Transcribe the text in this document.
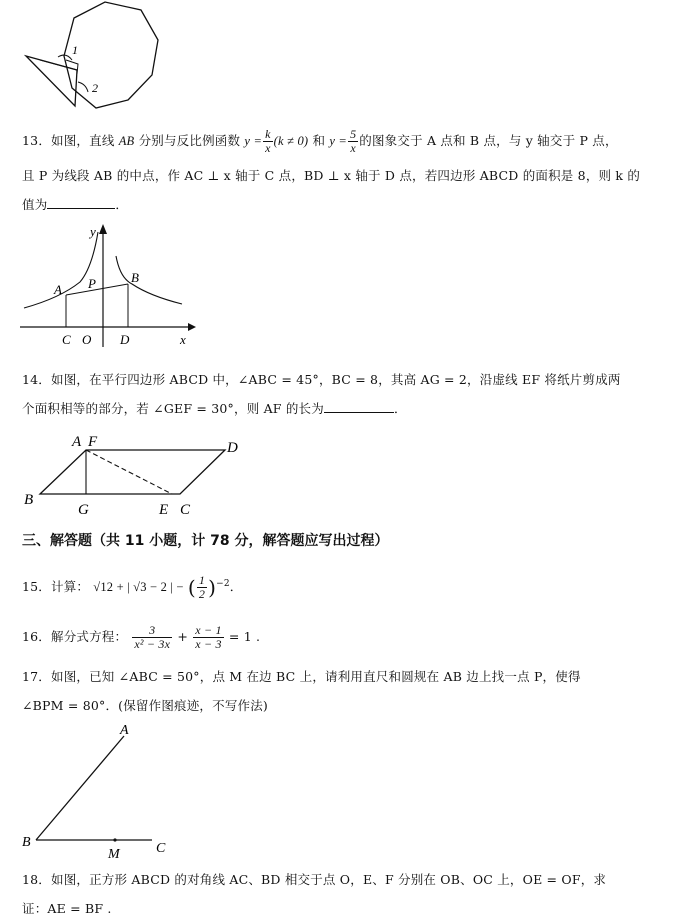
1
2
13．如图，直线 AB 分别与反比例函数 $y = \frac{k}{x} (k \ne 0)$ 和 $y = \frac{5}{x}$ 的图象交于 A 点和 B 点，与 y 轴交于 P 点，
且 P 为线段 AB 的中点，作 AC ⊥ x 轴于 C 点，BD ⊥ x 轴于 D 点，若四边形 ABCD 的面积是 8，则 k 的
值为	．
y
x
A P	B
C O D
14．如图，在平行四边形 ABCD 中，∠ABC = 45°，BC = 8，其高 AG = 2，沿虚线 EF 将纸片剪成两
个面积相等的部分，若 ∠GEF = 30°，则 AF 的长为	．
A F	D
B
G	E C
三、解答题（共 11 小题，计 78 分，解答题应写出过程）
15．计算： √12 + | √3 − 2 | − ( $\frac{1}{2} )^{-2}$．
16．解分式方程： $\frac{3}{\text{x² − 3x}} + \frac{x - 1}{x - 3} = 1$ .
17．如图，已知 ∠ABC = 50°，点 M 在边 BC 上，请利用直尺和圆规在 AB 边上找一点 P，使得
∠BPM = 80°．(保留作图痕迹，不写作法)
A
B
M	C
18．如图，正方形 ABCD 的对角线 AC、BD 相交于点 O，E、F 分别在 OB、OC 上，OE = OF，求
证：AE = BF .
